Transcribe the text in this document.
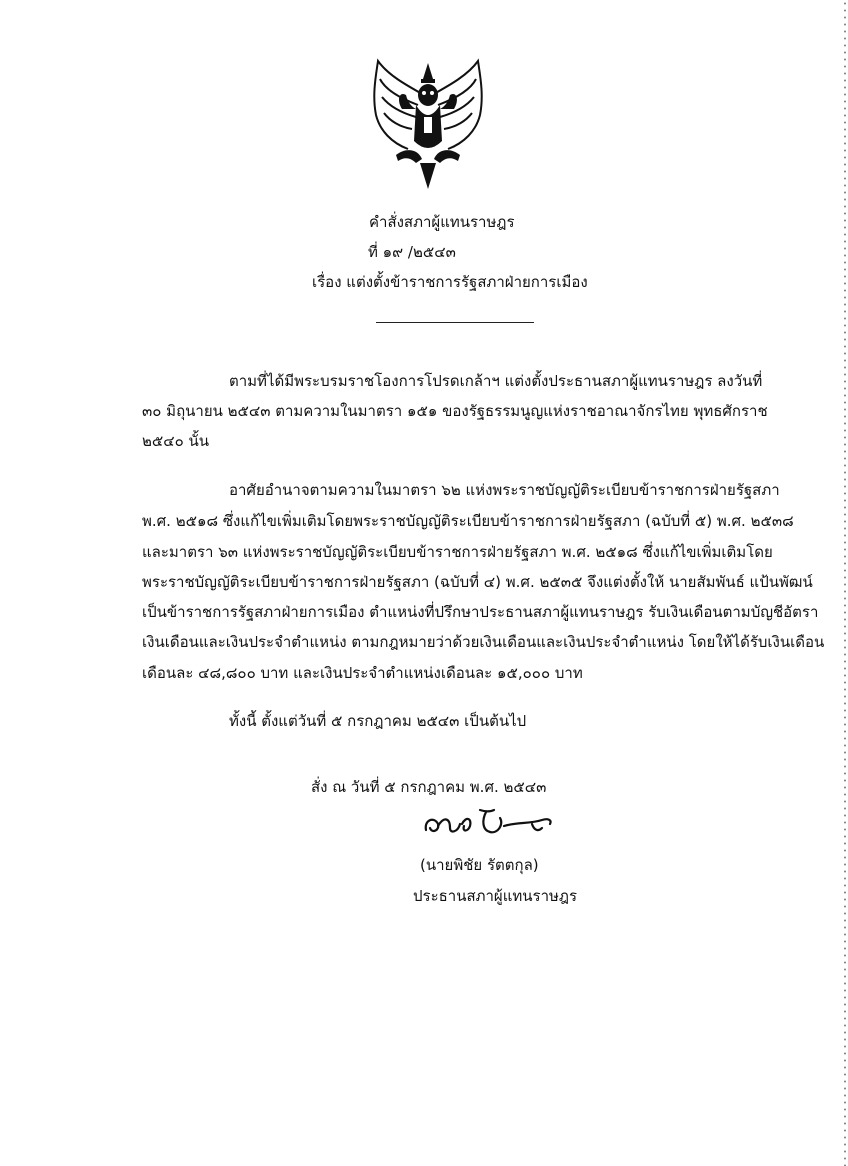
คำสั่งสภาผู้แทนราษฎร
ที่ ๑๙ /๒๕๔๓
เรื่อง แต่งตั้งข้าราชการรัฐสภาฝ่ายการเมือง
ตามที่ได้มีพระบรมราชโองการโปรดเกล้าฯ แต่งตั้งประธานสภาผู้แทนราษฎร ลงวันที่
๓๐ มิถุนายน ๒๕๔๓ ตามความในมาตรา ๑๕๑ ของรัฐธรรมนูญแห่งราชอาณาจักรไทย พุทธศักราช
๒๕๔๐ นั้น
อาศัยอำนาจตามความในมาตรา ๖๒ แห่งพระราชบัญญัติระเบียบข้าราชการฝ่ายรัฐสภา
พ.ศ. ๒๕๑๘ ซึ่งแก้ไขเพิ่มเติมโดยพระราชบัญญัติระเบียบข้าราชการฝ่ายรัฐสภา (ฉบับที่ ๕) พ.ศ. ๒๕๓๘
และมาตรา ๖๓ แห่งพระราชบัญญัติระเบียบข้าราชการฝ่ายรัฐสภา พ.ศ. ๒๕๑๘ ซึ่งแก้ไขเพิ่มเติมโดย
พระราชบัญญัติระเบียบข้าราชการฝ่ายรัฐสภา (ฉบับที่ ๔) พ.ศ. ๒๕๓๕ จึงแต่งตั้งให้ นายสัมพันธ์ แป้นพัฒน์
เป็นข้าราชการรัฐสภาฝ่ายการเมือง ตำแหน่งที่ปรึกษาประธานสภาผู้แทนราษฎร รับเงินเดือนตามบัญชีอัตรา
เงินเดือนและเงินประจำตำแหน่ง ตามกฎหมายว่าด้วยเงินเดือนและเงินประจำตำแหน่ง โดยให้ได้รับเงินเดือน
เดือนละ ๔๘,๘๐๐ บาท และเงินประจำตำแหน่งเดือนละ ๑๕,๐๐๐ บาท
ทั้งนี้ ตั้งแต่วันที่ ๕ กรกฎาคม ๒๕๔๓ เป็นต้นไป
สั่ง ณ วันที่ ๕ กรกฎาคม พ.ศ. ๒๕๔๓
(นายพิชัย รัตตกุล)
ประธานสภาผู้แทนราษฎร
